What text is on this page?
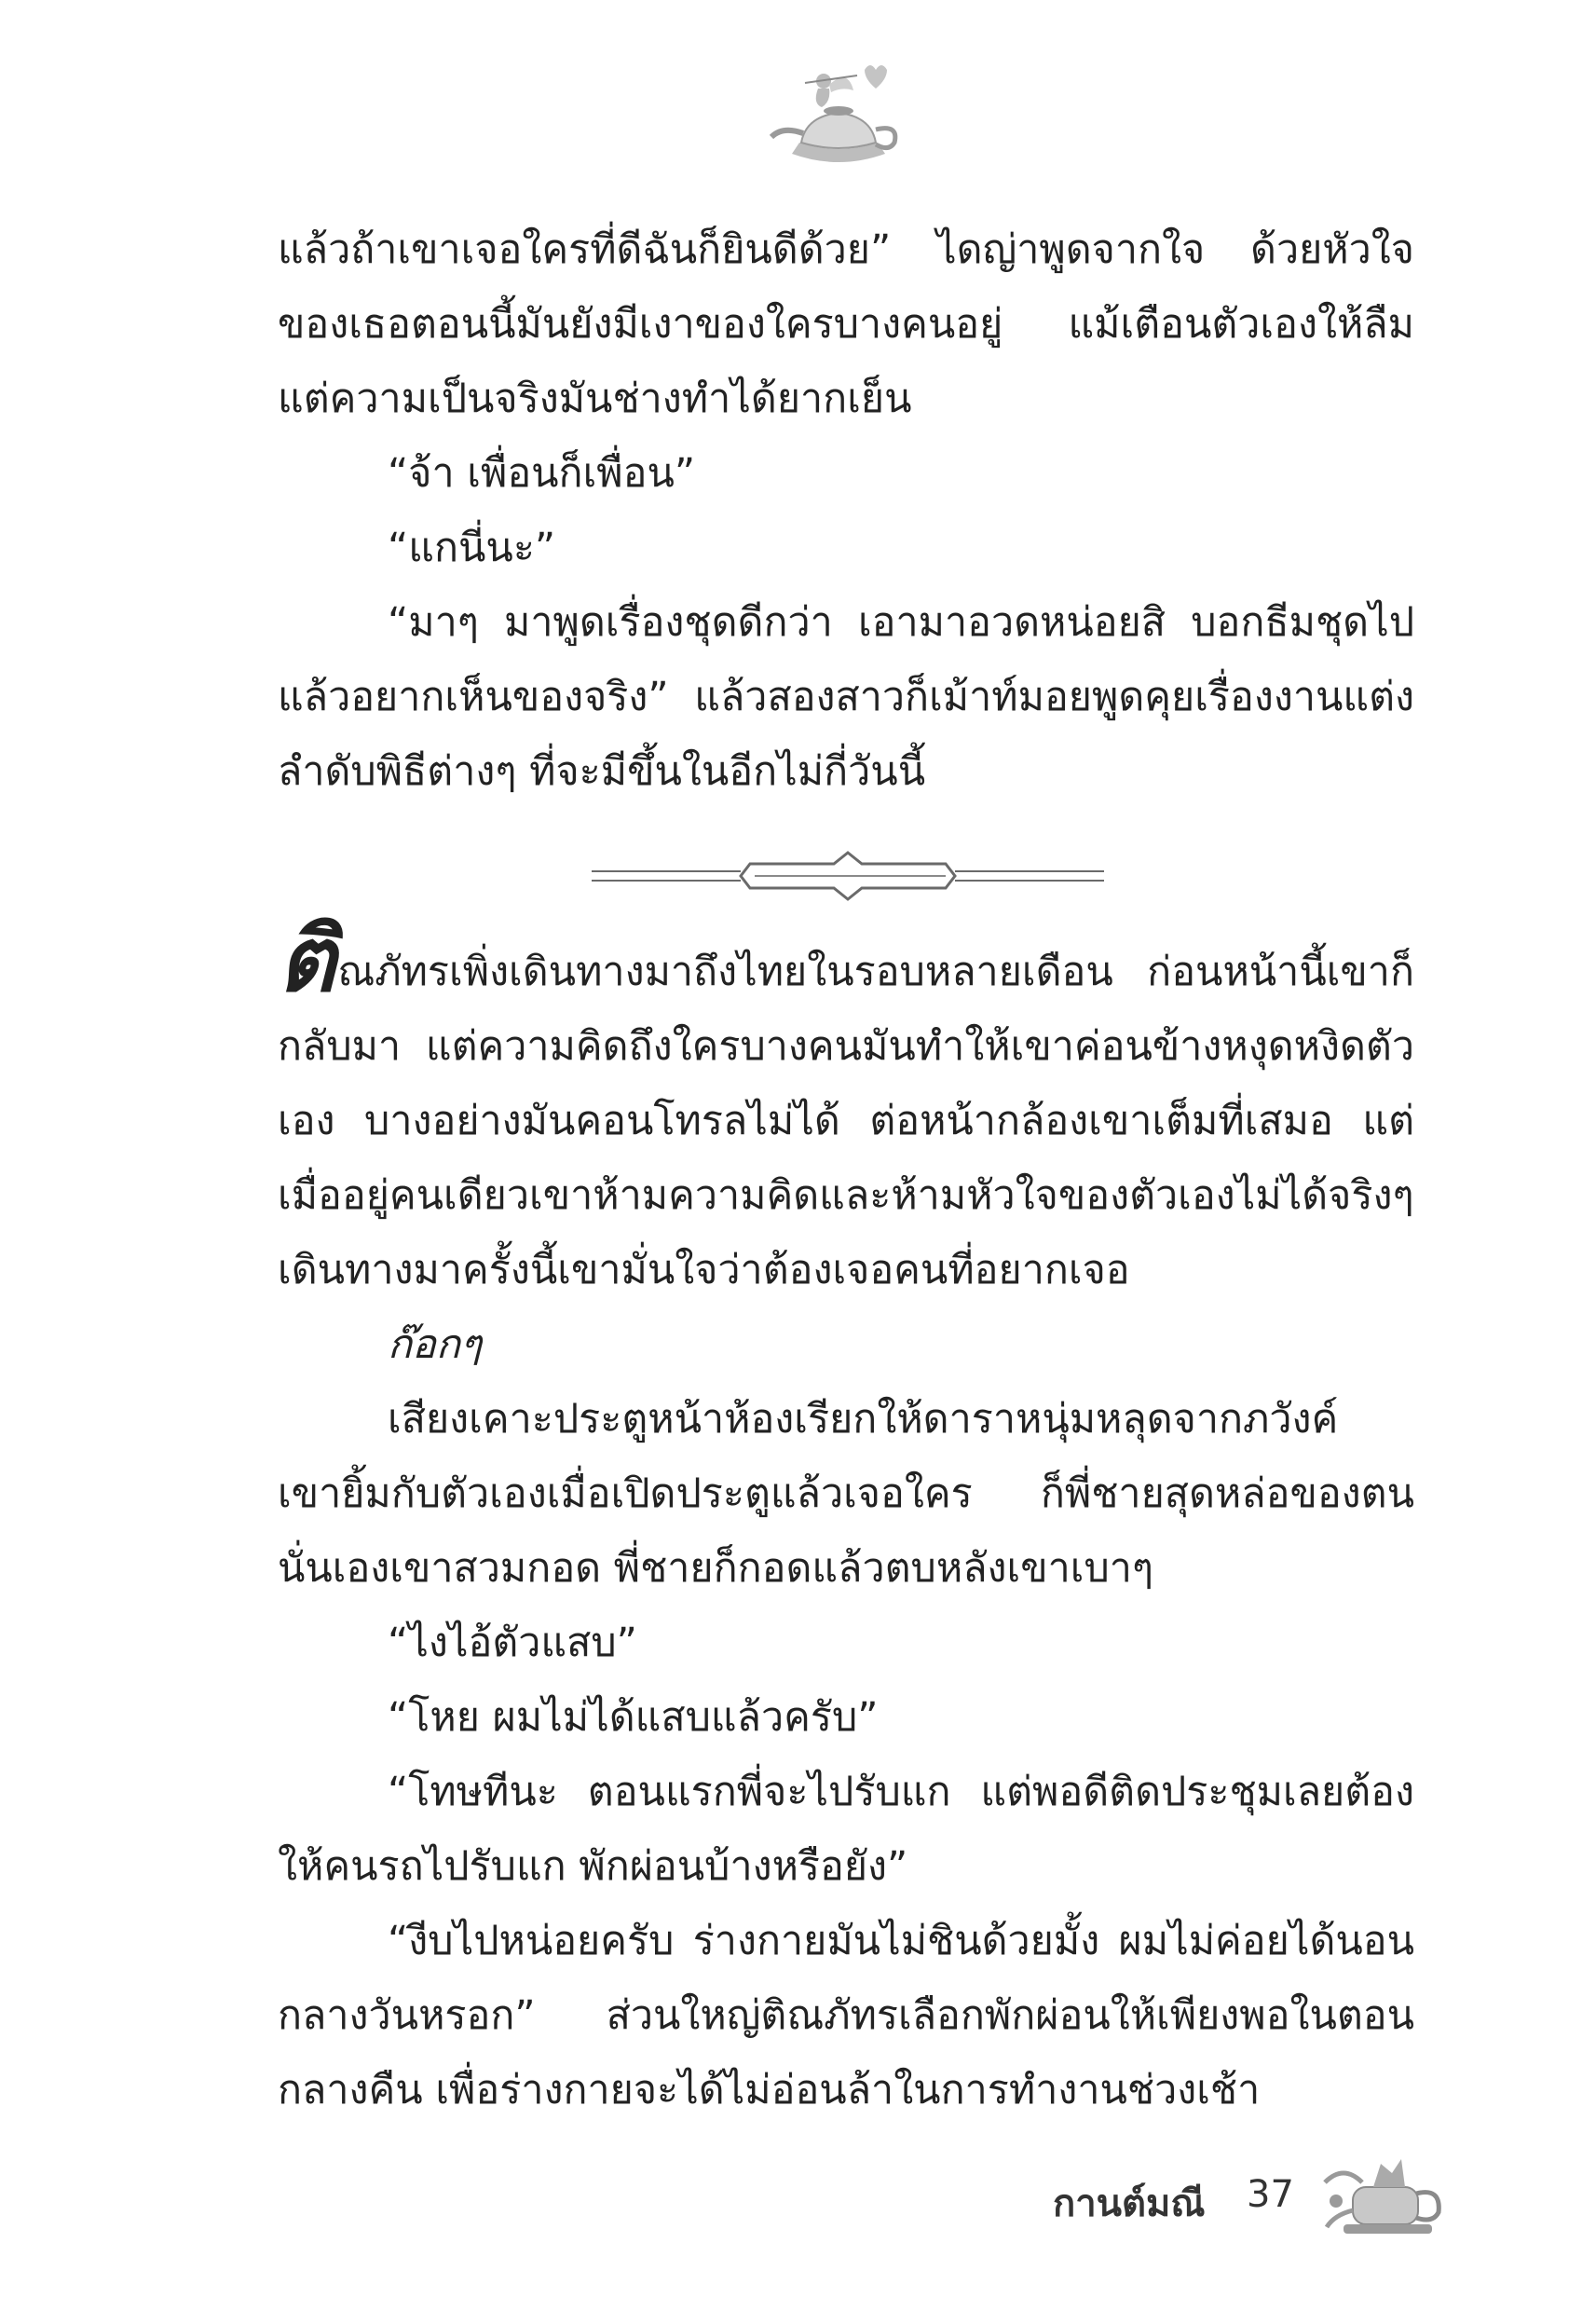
แล้วถ้าเขาเจอใครที่ดีฉันก็ยินดีด้วย” ไดญ่าพูดจากใจ ด้วยหัวใจของเธอตอนนี้มันยังมีเงาของใครบางคนอยู่ แม้เตือนตัวเองให้ลืม แต่ความเป็นจริงมันช่างทำได้ยากเย็น

“จ้า เพื่อนก็เพื่อน”

“แกนี่นะ”

“มาๆ มาพูดเรื่องชุดดีกว่า เอามาอวดหน่อยสิ บอกธีมชุดไปแล้วอยากเห็นของจริง” แล้วสองสาวก็เม้าท์มอยพูดคุยเรื่องงานแต่ง ลำดับพิธีต่างๆ ที่จะมีขึ้นในอีกไม่กี่วันนี้

ติณภัทรเพิ่งเดินทางมาถึงไทยในรอบหลายเดือน ก่อนหน้านี้เขาก็กลับมา แต่ความคิดถึงใครบางคนมันทำให้เขาค่อนข้างหงุดหงิดตัวเอง บางอย่างมันคอนโทรลไม่ได้ ต่อหน้ากล้องเขาเต็มที่เสมอ แต่เมื่ออยู่คนเดียวเขาห้ามความคิดและห้ามหัวใจของตัวเองไม่ได้จริงๆ เดินทางมาครั้งนี้เขามั่นใจว่าต้องเจอคนที่อยากเจอ

ก๊อกๆ

เสียงเคาะประตูหน้าห้องเรียกให้ดาราหนุ่มหลุดจากภวังค์ เขายิ้มกับตัวเองเมื่อเปิดประตูแล้วเจอใคร ก็พี่ชายสุดหล่อของตนนั่นเองเขาสวมกอด พี่ชายก็กอดแล้วตบหลังเขาเบาๆ

“ไงไอ้ตัวแสบ”

“โหย ผมไม่ได้แสบแล้วครับ”

“โทษทีนะ ตอนแรกพี่จะไปรับแก แต่พอดีติดประชุมเลยต้องให้คนรถไปรับแก พักผ่อนบ้างหรือยัง”

“งีบไปหน่อยครับ ร่างกายมันไม่ชินด้วยมั้ง ผมไม่ค่อยได้นอนกลางวันหรอก” ส่วนใหญ่ติณภัทรเลือกพักผ่อนให้เพียงพอในตอนกลางคืน เพื่อร่างกายจะได้ไม่อ่อนล้าในการทำงานช่วงเช้า

กานต์มณี 37
